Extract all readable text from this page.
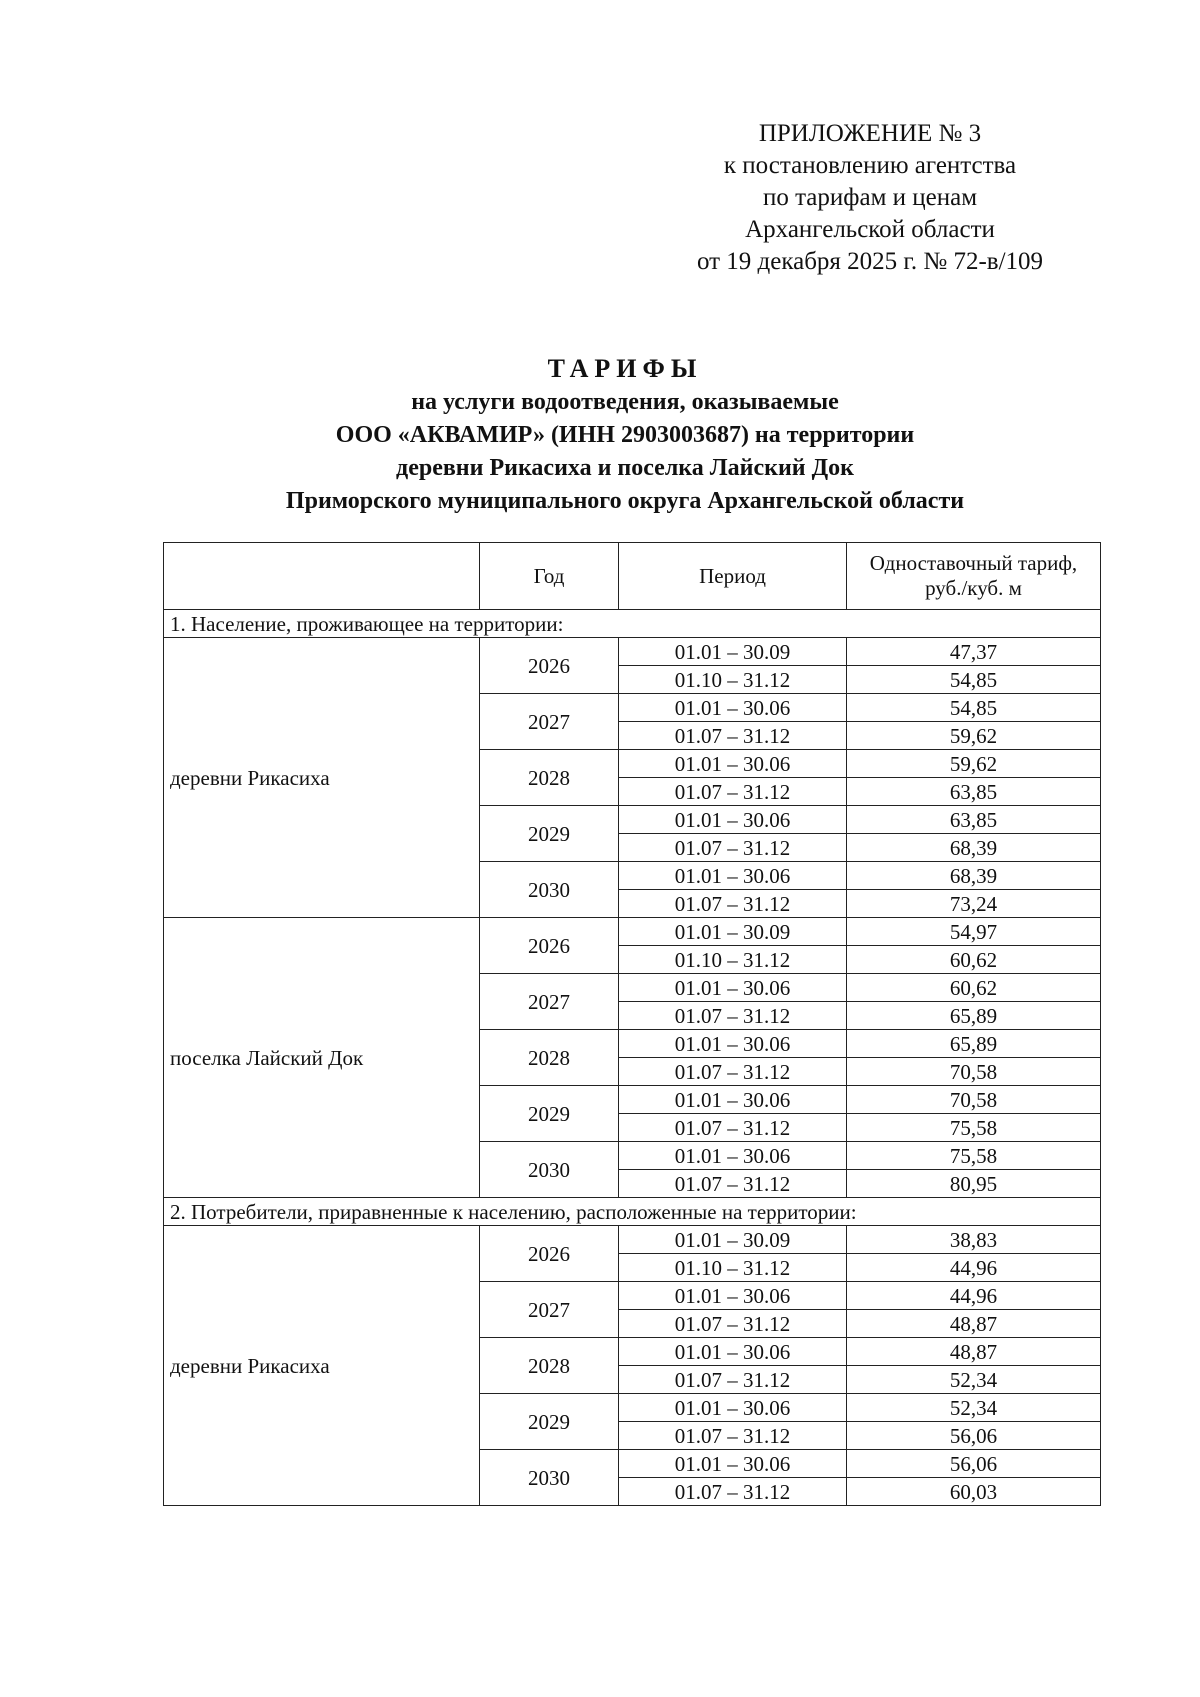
ПРИЛОЖЕНИЕ № 3
к постановлению агентства
по тарифам и ценам
Архангельской области
от 19 декабря 2025 г. № 72-в/109
ТАРИФЫ
на услуги водоотведения, оказываемые
ООО «АКВАМИР» (ИНН 2903003687) на территории
деревни Рикасиха и поселка Лайский Док
Приморского муниципального округа Архангельской области
	Год	Период	Одноставочный тариф,
руб./куб. м
1. Население, проживающее на территории:			
деревни Рикасиха	2026	01.01 – 30.09	47,37
		01.10 – 31.12	54,85
	2027	01.01 – 30.06	54,85
		01.07 – 31.12	59,62
	2028	01.01 – 30.06	59,62
		01.07 – 31.12	63,85
	2029	01.01 – 30.06	63,85
		01.07 – 31.12	68,39
	2030	01.01 – 30.06	68,39
		01.07 – 31.12	73,24
поселка Лайский Док	2026	01.01 – 30.09	54,97
		01.10 – 31.12	60,62
	2027	01.01 – 30.06	60,62
		01.07 – 31.12	65,89
	2028	01.01 – 30.06	65,89
		01.07 – 31.12	70,58
	2029	01.01 – 30.06	70,58
		01.07 – 31.12	75,58
	2030	01.01 – 30.06	75,58
		01.07 – 31.12	80,95
2. Потребители, приравненные к населению, расположенные на территории:			
деревни Рикасиха	2026	01.01 – 30.09	38,83
		01.10 – 31.12	44,96
	2027	01.01 – 30.06	44,96
		01.07 – 31.12	48,87
	2028	01.01 – 30.06	48,87
		01.07 – 31.12	52,34
	2029	01.01 – 30.06	52,34
		01.07 – 31.12	56,06
	2030	01.01 – 30.06	56,06
		01.07 – 31.12	60,03
